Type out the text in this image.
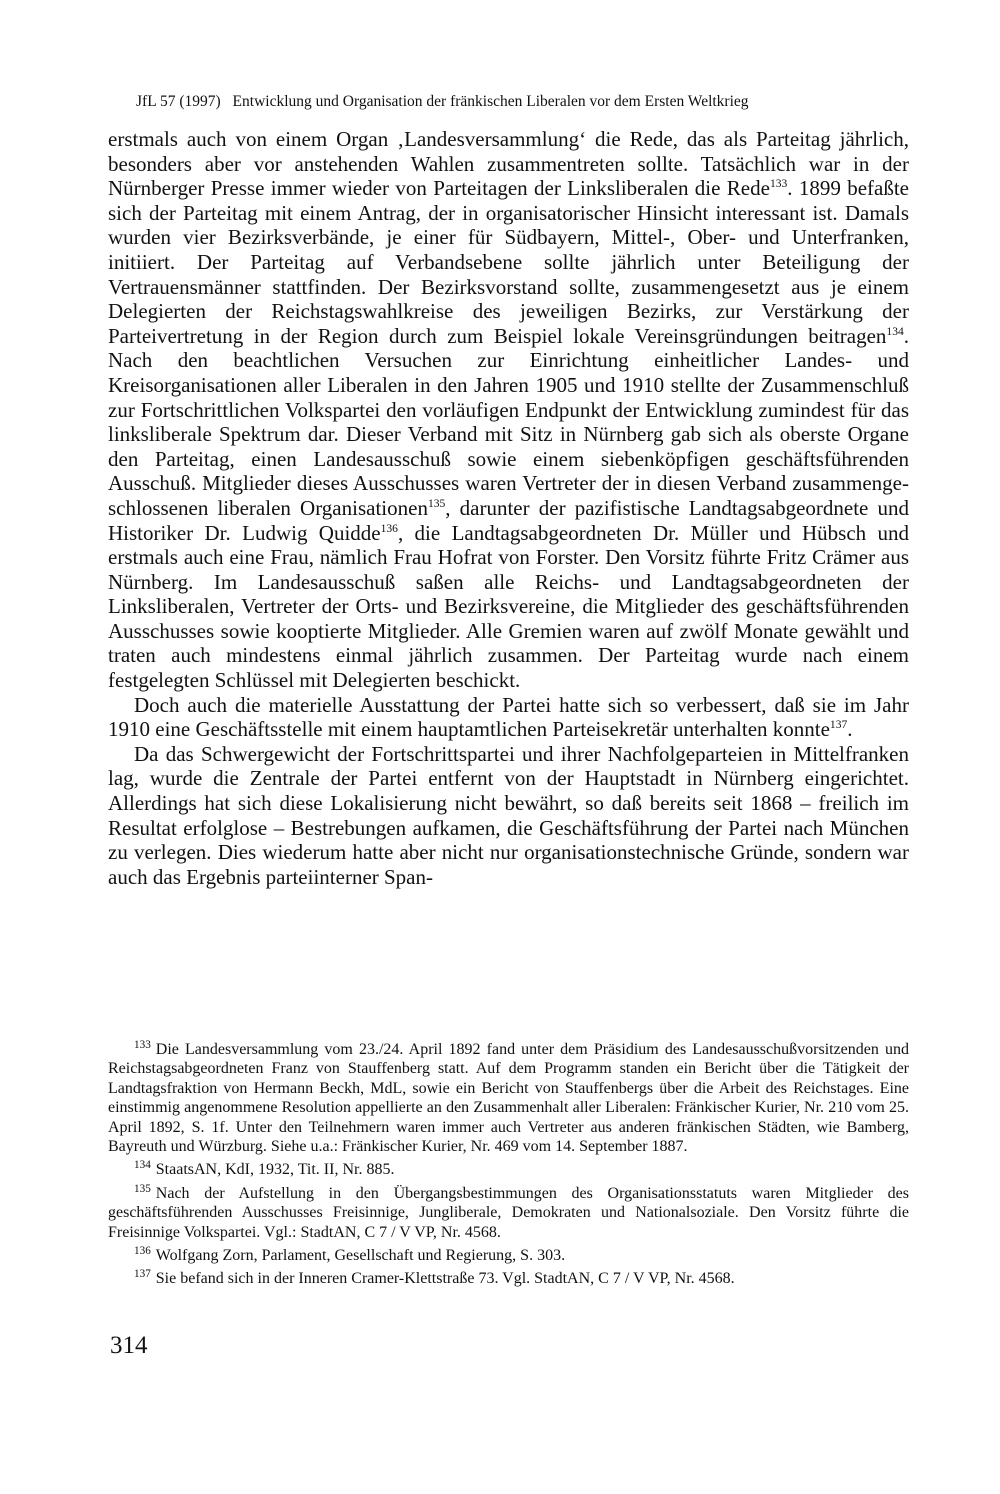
JfL 57 (1997) Entwicklung und Organisation der fränkischen Liberalen vor dem Ersten Weltkrieg

erstmals auch von einem Organ ‚Landesversammlung‘ die Rede, das als Parteitag jährlich, besonders aber vor anstehenden Wahlen zusammentreten sollte. Tatsächlich war in der Nürnberger Presse immer wieder von Parteitagen der Linksliberalen die Rede$^{133}$. 1899 befaßte sich der Parteitag mit einem Antrag, der in organisatorischer Hinsicht interessant ist. Damals wurden vier Bezirksverbände, je einer für Südbayern, Mittel-, Ober- und Unterfranken, initiiert. Der Parteitag auf Verbandsebene sollte jährlich unter Beteiligung der Vertrauensmänner stattfinden. Der Bezirksvorstand sollte, zusammengesetzt aus je einem Delegierten der Reichstagswahlkreise des jeweiligen Bezirks, zur Verstärkung der Parteivertretung in der Region durch zum Beispiel lokale Vereinsgründungen beitragen$^{134}$. Nach den beachtlichen Versuchen zur Einrichtung einheitlicher Landes- und Kreisorganisationen aller Liberalen in den Jahren 1905 und 1910 stellte der Zusammenschluß zur Fortschrittlichen Volkspartei den vorläufigen Endpunkt der Entwicklung zumindest für das linksliberale Spektrum dar. Dieser Verband mit Sitz in Nürnberg gab sich als oberste Organe den Parteitag, einen Landesausschuß sowie einem siebenköpfigen geschäftsführenden Ausschuß. Mitglieder dieses Ausschusses waren Vertreter der in diesen Verband zusammengeschlossenen liberalen Organisationen$^{135}$, darunter der pazifistische Landtagsabgeordnete und Historiker Dr. Ludwig Quidde$^{136}$, die Landtagsabgeordneten Dr. Müller und Hübsch und erstmals auch eine Frau, nämlich Frau Hofrat von Forster. Den Vorsitz führte Fritz Crämer aus Nürnberg. Im Landesausschuß saßen alle Reichs- und Landtagsabgeordneten der Linksliberalen, Vertreter der Orts- und Bezirksvereine, die Mitglieder des geschäftsführenden Ausschusses sowie kooptierte Mitglieder. Alle Gremien waren auf zwölf Monate gewählt und traten auch mindestens einmal jährlich zusammen. Der Parteitag wurde nach einem festgelegten Schlüssel mit Delegierten beschickt.

Doch auch die materielle Ausstattung der Partei hatte sich so verbessert, daß sie im Jahr 1910 eine Geschäftsstelle mit einem hauptamtlichen Parteisekretär unterhalten konnte$^{137}$.

Da das Schwergewicht der Fortschrittspartei und ihrer Nachfolgeparteien in Mittelfranken lag, wurde die Zentrale der Partei entfernt von der Hauptstadt in Nürnberg eingerichtet. Allerdings hat sich diese Lokalisierung nicht bewährt, so daß bereits seit 1868 – freilich im Resultat erfolglose – Bestrebungen aufkamen, die Geschäftsführung der Partei nach München zu verlegen. Dies wiederum hatte aber nicht nur organisationstechnische Gründe, sondern war auch das Ergebnis parteiinterner Span-

$^{133}$ Die Landesversammlung vom 23./24. April 1892 fand unter dem Präsidium des Landesausschußvorsitzenden und Reichstagsabgeordneten Franz von Stauffenberg statt. Auf dem Programm standen ein Bericht über die Tätigkeit der Landtagsfraktion von Hermann Beckh, MdL, sowie ein Bericht von Stauffenbergs über die Arbeit des Reichstages. Eine einstimmig angenommene Resolution appellierte an den Zusammenhalt aller Liberalen: Fränkischer Kurier, Nr. 210 vom 25. April 1892, S. 1f. Unter den Teilnehmern waren immer auch Vertreter aus anderen fränkischen Städten, wie Bamberg, Bayreuth und Würzburg. Siehe u.a.: Fränkischer Kurier, Nr. 469 vom 14. September 1887.

$^{134}$ StaatsAN, KdI, 1932, Tit. II, Nr. 885.

$^{135}$ Nach der Aufstellung in den Übergangsbestimmungen des Organisationsstatuts waren Mitglieder des geschäftsführenden Ausschusses Freisinnige, Jungliberale, Demokraten und Nationalsoziale. Den Vorsitz führte die Freisinnige Volkspartei. Vgl.: StadtAN, C 7 / V VP, Nr. 4568.

$^{136}$ Wolfgang Zorn, Parlament, Gesellschaft und Regierung, S. 303.

$^{137}$ Sie befand sich in der Inneren Cramer-Klettstraße 73. Vgl. StadtAN, C 7 / V VP, Nr. 4568.

314
